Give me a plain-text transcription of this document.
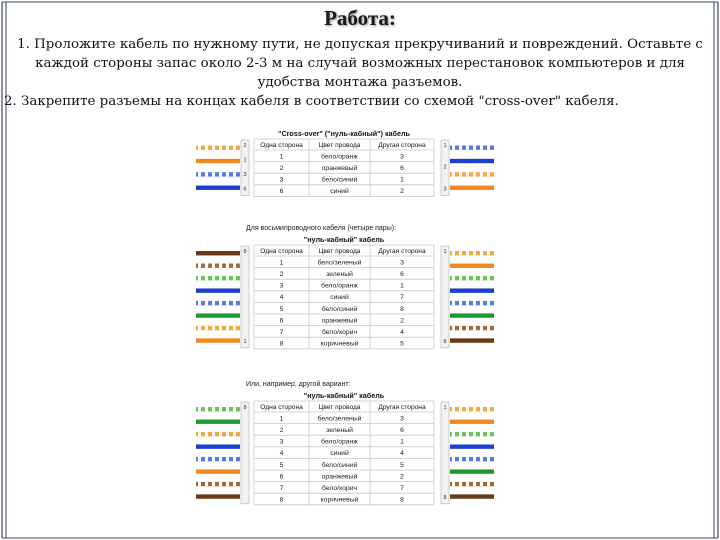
Работа:
1. Проложите кабель по нужному пути, не допуская прекручиваний и повреждений. Оставьте с каждой стороны запас около 2-3 м на случай возможных перестановок компьютеров и для удобства монтажа разъемов.
2. Закрепите разъемы на концах кабеля в соответствии со схемой "cross-over" кабеля.
"Cross-over" ("нуль-кабный") кабель
Одна сторона Цвет провода	Другая сторона
1	бело/оранж	3
2	оранжевый	6
3	бело/синий	1
6	синий	2
2
1
3
6
1
2
3
Для восьмипроводного кабеля (четыре пары):
"нуль-кабный" кабель
Одна сторона Цвет провода	Другая сторона
1	бело/зеленый	3
2	зеленый	6
3	бело/оранж	1
4	синий	7
5	бело/синий	8
6	оранжевый	2
7	бело/корич	4
8	коричневый	5
8
1
1
8
Или, например, другой вариант:
"нуль-кабный" кабель
Одна сторона Цвет провода	Другая сторона
1	бело/зеленый	3
2	зеленый	6
3	бело/оранж	1
4	синий	4
5	бело/синий	5
6	оранжевый	2
7	бело/корич	7
8	коричневый	8
8	1
8
